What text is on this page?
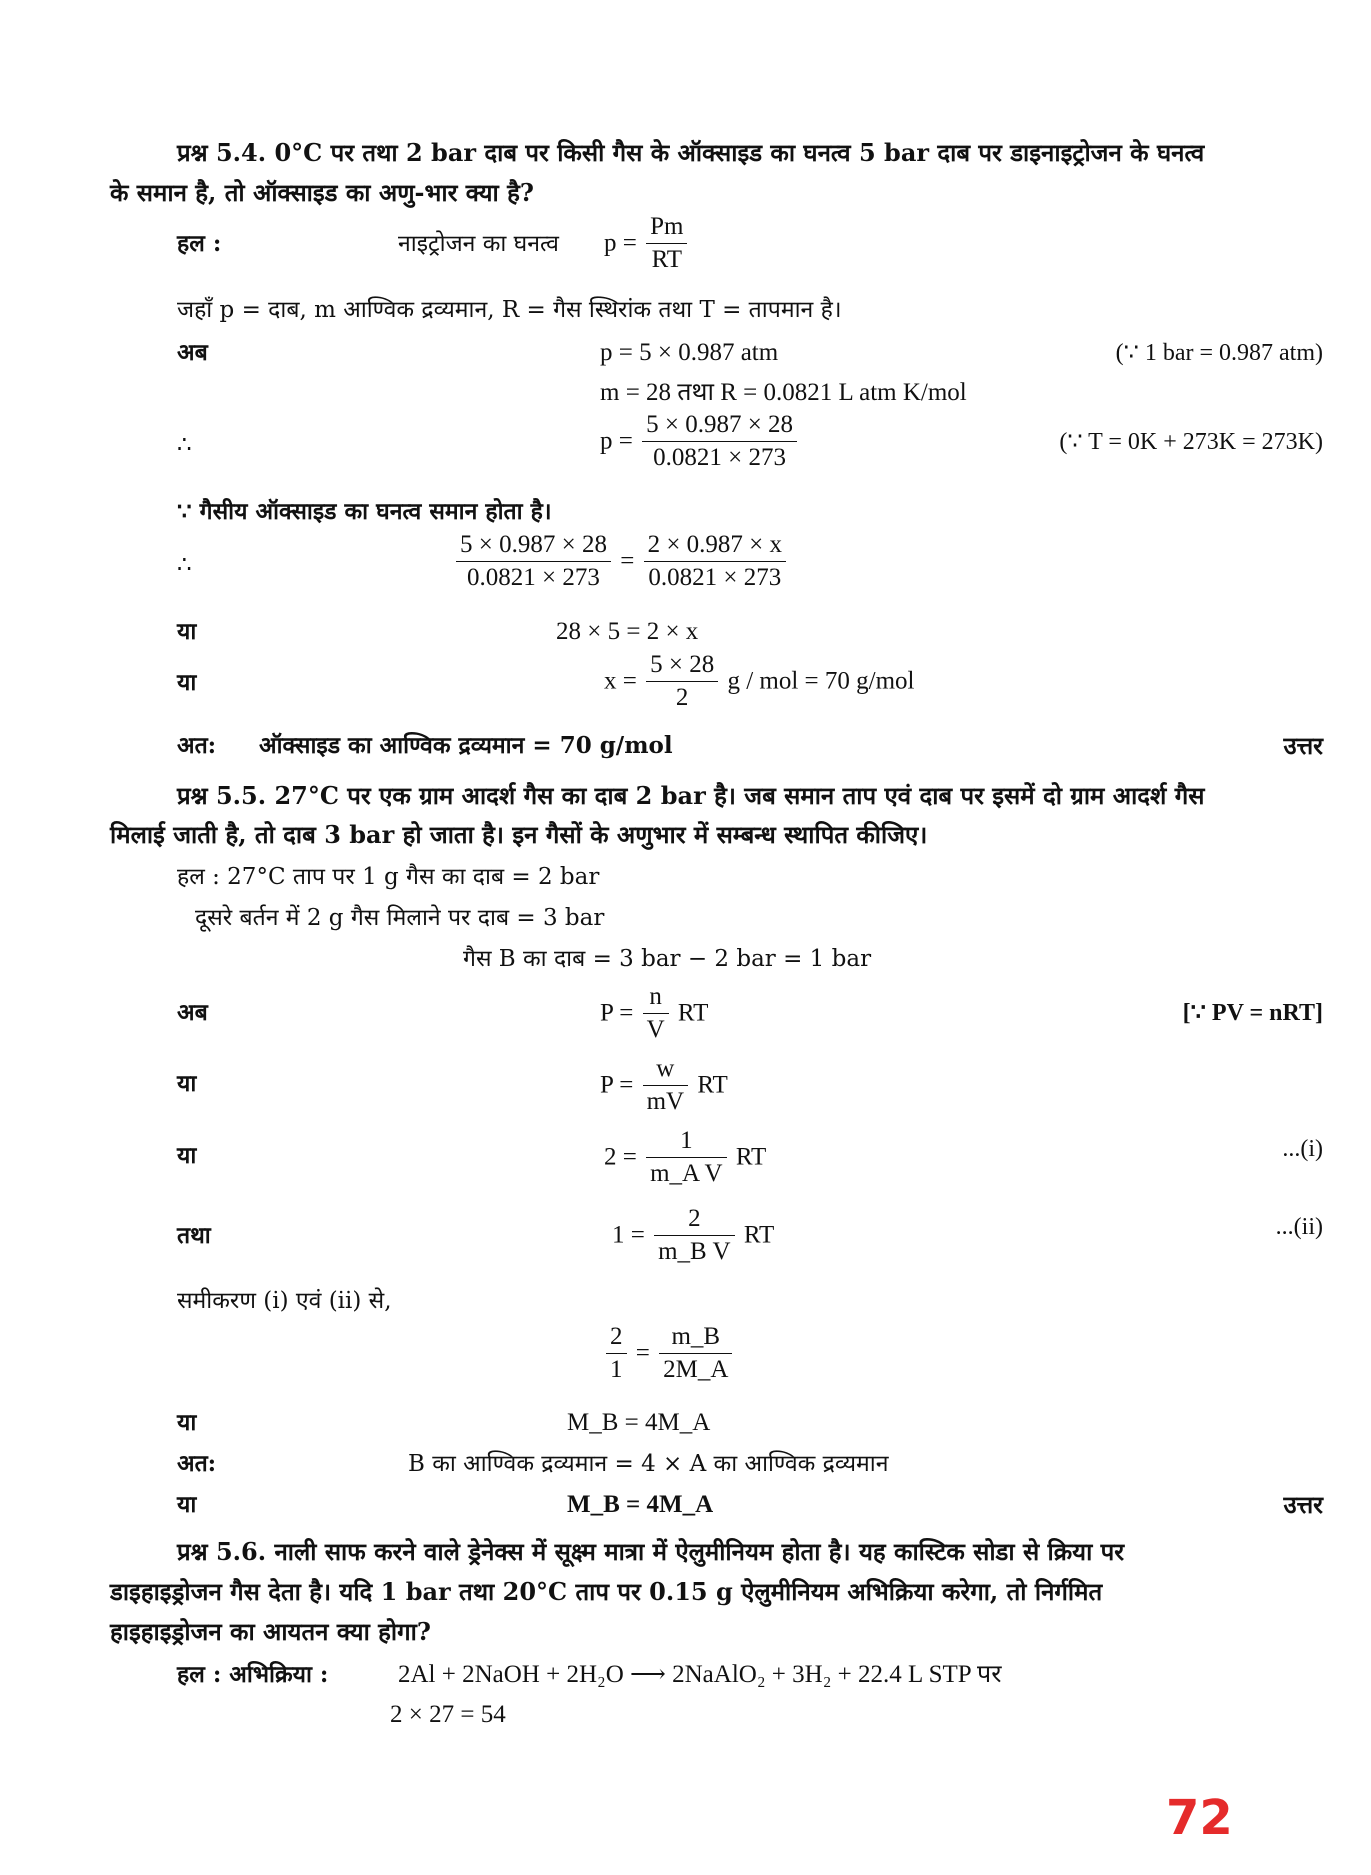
प्रश्न 5.4. 0°C पर तथा 2 bar दाब पर किसी गैस के ऑक्साइड का घनत्व 5 bar दाब पर डाइनाइट्रोजन के घनत्व
के समान है, तो ऑक्साइड का अणु-भार क्या है?
हल :	नाइट्रोजन का घनत्व $p = \frac{Pm}{RT}$
जहाँ p = दाब, m आण्विक द्रव्यमान, R = गैस स्थिरांक तथा T = तापमान है।
अब	p = 5 × 0.987 atm	(∵ 1 bar = 0.987 atm)
m = 28 तथा R = 0.0821 L atm K/mol
∴	$p = \frac{5 \times 0.987 \times 28}{0.0821 \times 273}$	(∵ T = 0K + 273K = 273K)
∵ गैसीय ऑक्साइड का घनत्व समान होता है।
∴	$\frac{5 \times 0.987 \times 28}{0.0821 \times 273} = \frac{2 \times 0.987 \times x}{0.0821 \times 273}$
या	28 × 5 = 2 × x
या	$x = \frac{5 \times 28}{2}$ g / mol = 70 g/mol
अत: ऑक्साइड का आण्विक द्रव्यमान = 70 g/mol	उत्तर
प्रश्न 5.5. 27°C पर एक ग्राम आदर्श गैस का दाब 2 bar है। जब समान ताप एवं दाब पर इसमें दो ग्राम आदर्श गैस
मिलाई जाती है, तो दाब 3 bar हो जाता है। इन गैसों के अणुभार में सम्बन्ध स्थापित कीजिए।
हल : 27°C ताप पर 1 g गैस का दाब = 2 bar
दूसरे बर्तन में 2 g गैस मिलाने पर दाब = 3 bar
गैस B का दाब = 3 bar − 2 bar = 1 bar
अब	$P = \frac{n}{V}$ RT	[∵ PV = nRT]
या	$P = \frac{w}{mV}$ RT
या	$2 = \frac{1}{\text{m\_A V}}$ RT	...(i)
तथा	$1 = \frac{2}{\text{m\_B V}}$ RT	...(ii)
समीकरण (i) एवं (ii) से,
$\frac{2}{1} = \frac{m\_B}{2M\_A}$
या	M_B = 4M_A
अत:	B का आण्विक द्रव्यमान = 4 × A का आण्विक द्रव्यमान
या	M_B = 4M_A	उत्तर
प्रश्न 5.6. नाली साफ करने वाले ड्रेनेक्स में सूक्ष्म मात्रा में ऐलुमीनियम होता है। यह कास्टिक सोडा से क्रिया पर
डाइहाइड्रोजन गैस देता है। यदि 1 bar तथा 20°C ताप पर 0.15 g ऐलुमीनियम अभिक्रिया करेगा, तो निर्गमित
हाइहाइड्रोजन का आयतन क्या होगा?
हल : अभिक्रिया :	2Al + 2NaOH + 2H₂O ⟶ 2NaAlO₂ + 3H₂ + 22.4 L STP पर
2 × 27 = 54
72
